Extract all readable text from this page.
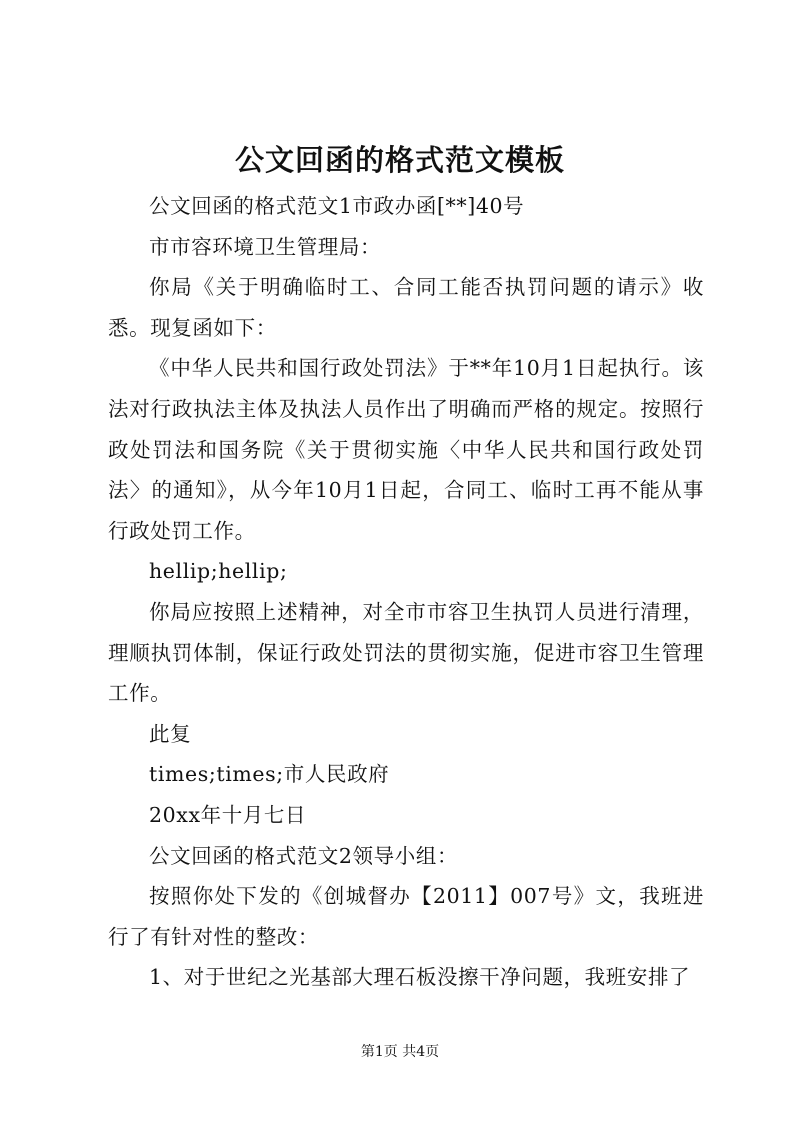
公文回函的格式范文模板

公文回函的格式范文1市政办函[**]40号

市市容环境卫生管理局：

你局《关于明确临时工、合同工能否执罚问题的请示》收悉。现复函如下：

《中华人民共和国行政处罚法》于**年10月1日起执行。该法对行政执法主体及执法人员作出了明确而严格的规定。按照行政处罚法和国务院《关于贯彻实施〈中华人民共和国行政处罚法〉的通知》，从今年10月1日起，合同工、临时工再不能从事行政处罚工作。

hellip;hellip;

你局应按照上述精神，对全市市容卫生执罚人员进行清理，理顺执罚体制，保证行政处罚法的贯彻实施，促进市容卫生管理工作。

此复

times;times;市人民政府

20xx年十月七日

公文回函的格式范文2领导小组：

按照你处下发的《创城督办【2011】007号》文，我班进行了有针对性的整改：

1、对于世纪之光基部大理石板没擦干净问题，我班安排了

第1页 共4页
